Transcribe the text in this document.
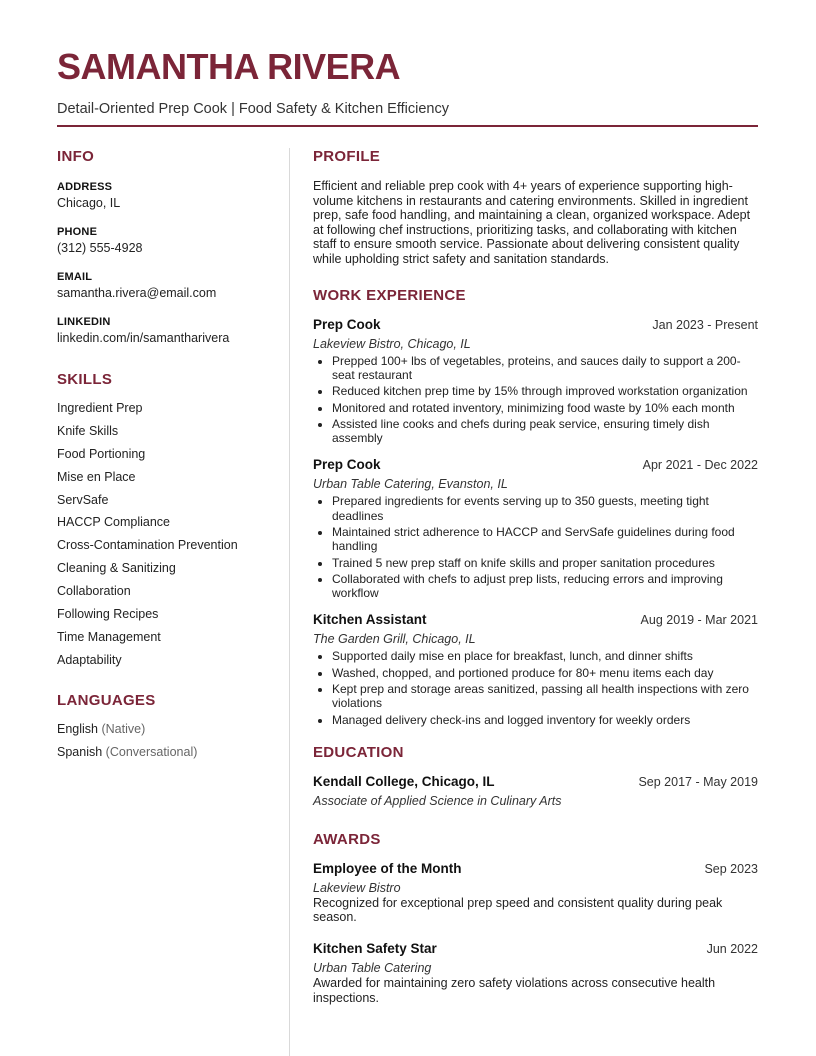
SAMANTHA RIVERA
Detail-Oriented Prep Cook | Food Safety & Kitchen Efficiency
INFO
ADDRESS
Chicago, IL
PHONE
(312) 555-4928
EMAIL
samantha.rivera@email.com
LINKEDIN
linkedin.com/in/samantharivera
SKILLS
Ingredient Prep
Knife Skills
Food Portioning
Mise en Place
ServSafe
HACCP Compliance
Cross-Contamination Prevention
Cleaning & Sanitizing
Collaboration
Following Recipes
Time Management
Adaptability
LANGUAGES
English (Native)
Spanish (Conversational)
PROFILE
Efficient and reliable prep cook with 4+ years of experience supporting high-volume kitchens in restaurants and catering environments. Skilled in ingredient prep, safe food handling, and maintaining a clean, organized workspace. Adept at following chef instructions, prioritizing tasks, and collaborating with kitchen staff to ensure smooth service. Passionate about delivering consistent quality while upholding strict safety and sanitation standards.
WORK EXPERIENCE
Prep Cook	Jan 2023 - Present
Lakeview Bistro, Chicago, IL
• Prepped 100+ lbs of vegetables, proteins, and sauces daily to support a 200-seat restaurant
• Reduced kitchen prep time by 15% through improved workstation organization
• Monitored and rotated inventory, minimizing food waste by 10% each month
• Assisted line cooks and chefs during peak service, ensuring timely dish assembly
Prep Cook	Apr 2021 - Dec 2022
Urban Table Catering, Evanston, IL
• Prepared ingredients for events serving up to 350 guests, meeting tight deadlines
• Maintained strict adherence to HACCP and ServSafe guidelines during food handling
• Trained 5 new prep staff on knife skills and proper sanitation procedures
• Collaborated with chefs to adjust prep lists, reducing errors and improving workflow
Kitchen Assistant	Aug 2019 - Mar 2021
The Garden Grill, Chicago, IL
• Supported daily mise en place for breakfast, lunch, and dinner shifts
• Washed, chopped, and portioned produce for 80+ menu items each day
• Kept prep and storage areas sanitized, passing all health inspections with zero violations
• Managed delivery check-ins and logged inventory for weekly orders
EDUCATION
Kendall College, Chicago, IL	Sep 2017 - May 2019
Associate of Applied Science in Culinary Arts
AWARDS
Employee of the Month	Sep 2023
Lakeview Bistro
Recognized for exceptional prep speed and consistent quality during peak season.
Kitchen Safety Star	Jun 2022
Urban Table Catering
Awarded for maintaining zero safety violations across consecutive health inspections.
